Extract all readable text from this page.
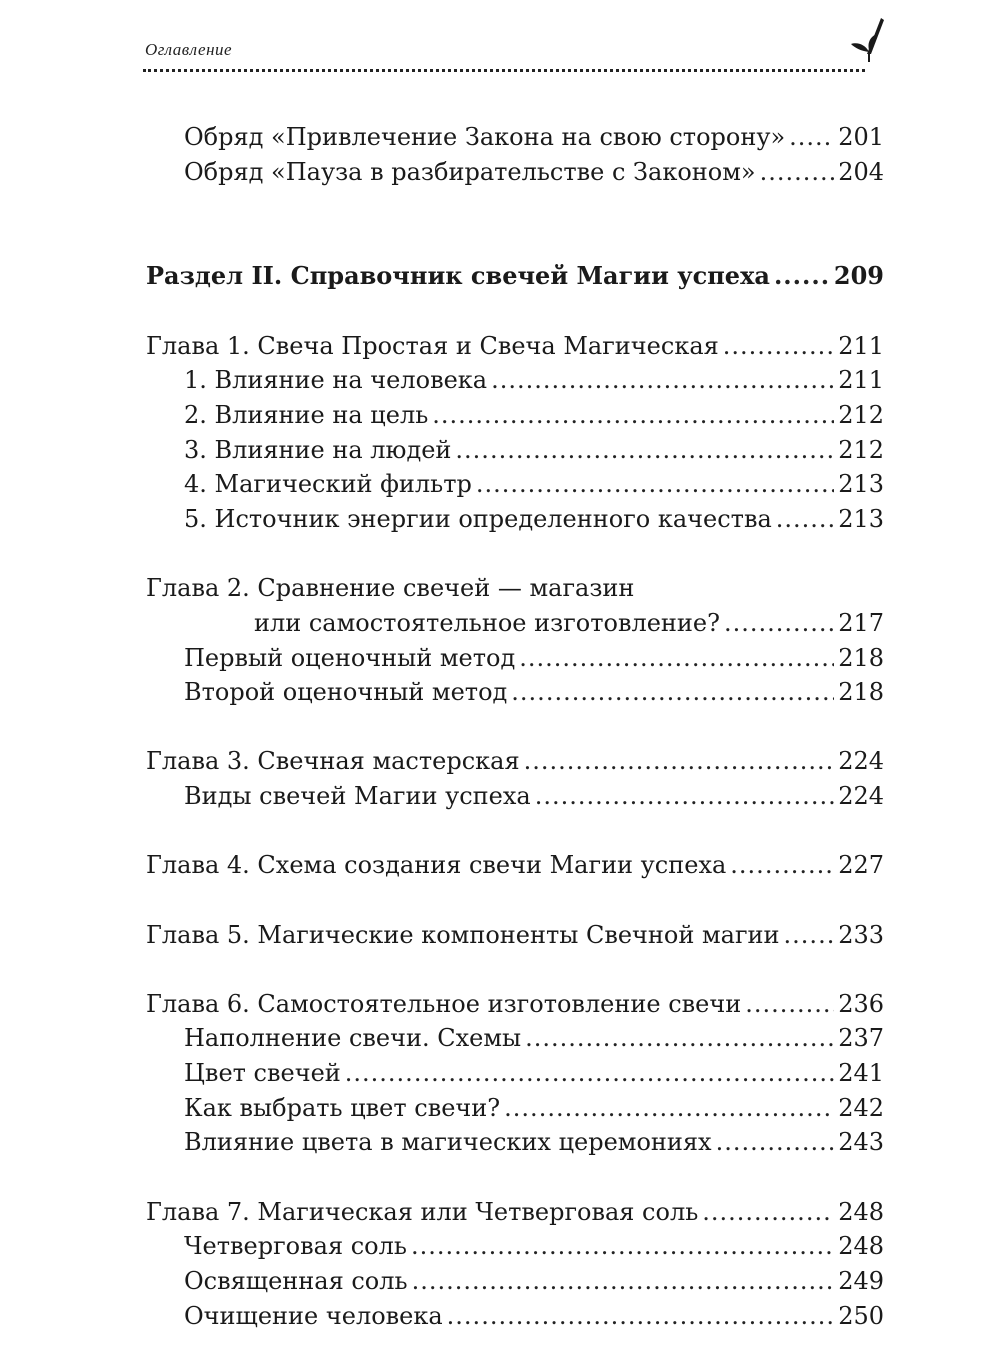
Оглавление
Обряд «Привлечение Закона на свою сторону» ..... 201
Обряд «Пауза в разбирательстве с Законом» .....	204
Раздел II. Справочник свечей Магии успеха .....	209
Глава 1. Свеча Простая и Свеча Магическая .....	211
1. Влияние на человека .....	211
2. Влияние на цель .....	212
3. Влияние на людей .....	212
4. Магический фильтр .....	213
5. Источник энергии определенного качества .....	213
Глава 2. Сравнение свечей — магазин
или самостоятельное изготовление? .....	217
Первый оценочный метод .....	218
Второй оценочный метод .....	218
Глава 3. Свечная мастерская .....	224
Виды свечей Магии успеха .....	224
Глава 4. Схема создания свечи Магии успеха .....	227
Глава 5. Магические компоненты Свечной магии ..... 233
Глава 6. Самостоятельное изготовление свечи .....	236
Наполнение свечи. Схемы .....	237
Цвет свечей .....	241
Как выбрать цвет свечи? .....	242
Влияние цвета в магических церемониях .....	243
Глава 7. Магическая или Четверговая соль .....	248
Четверговая соль .....	248
Освященная соль .....	249
Очищение человека .....	250
